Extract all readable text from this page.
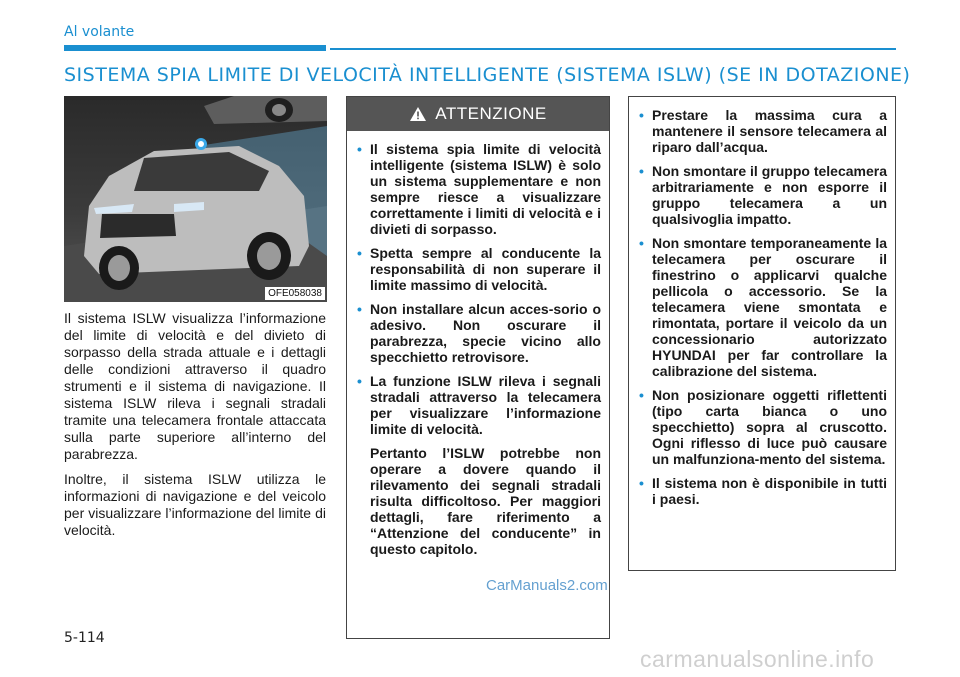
Al volante
SISTEMA SPIA LIMITE DI VELOCITÀ INTELLIGENTE (SISTEMA ISLW) (SE IN DOTAZIONE)
OFE058038

Il sistema ISLW visualizza l’informazione del limite di velocità e del divieto di sorpasso della strada attuale e i dettagli delle condizioni attraverso il quadro strumenti e il sistema di navigazione. Il sistema ISLW rileva i segnali stradali tramite una telecamera frontale attaccata sulla parte superiore all’interno del parabrezza.

Inoltre, il sistema ISLW utilizza le informazioni di navigazione e del veicolo per visualizzare l’informazione del limite di velocità.

ATTENZIONE
• Il sistema spia limite di velocità intelligente (sistema ISLW) è solo un sistema supplementare e non sempre riesce a visualizzare correttamente i limiti di velocità e i divieti di sorpasso.
• Spetta sempre al conducente la responsabilità di non superare il limite massimo di velocità.
• Non installare alcun acces-sorio o adesivo. Non oscurare il parabrezza, specie vicino allo specchietto retrovisore.
• La funzione ISLW rileva i segnali stradali attraverso la telecamera per visualizzare l’informazione limite di velocità.
Pertanto l’ISLW potrebbe non operare a dovere quando il rilevamento dei segnali stradali risulta difficoltoso. Per maggiori dettagli, fare riferimento a “Attenzione del conducente” in questo capitolo.
• Prestare la massima cura a mantenere il sensore telecamera al riparo dall’acqua.
• Non smontare il gruppo telecamera arbitrariamente e non esporre il gruppo telecamera a un qualsivoglia impatto.
• Non smontare temporaneamente la telecamera per oscurare il finestrino o applicarvi qualche pellicola o accessorio. Se la telecamera viene smontata e rimontata, portare il veicolo da un concessionario autorizzato HYUNDAI per far controllare la calibrazione del sistema.
• Non posizionare oggetti riflettenti (tipo carta bianca o uno specchietto) sopra al cruscotto. Ogni riflesso di luce può causare un malfunziona-mento del sistema.
• Il sistema non è disponibile in tutti i paesi.
5-114
CarManuals2.com
carmanualsonline.info
